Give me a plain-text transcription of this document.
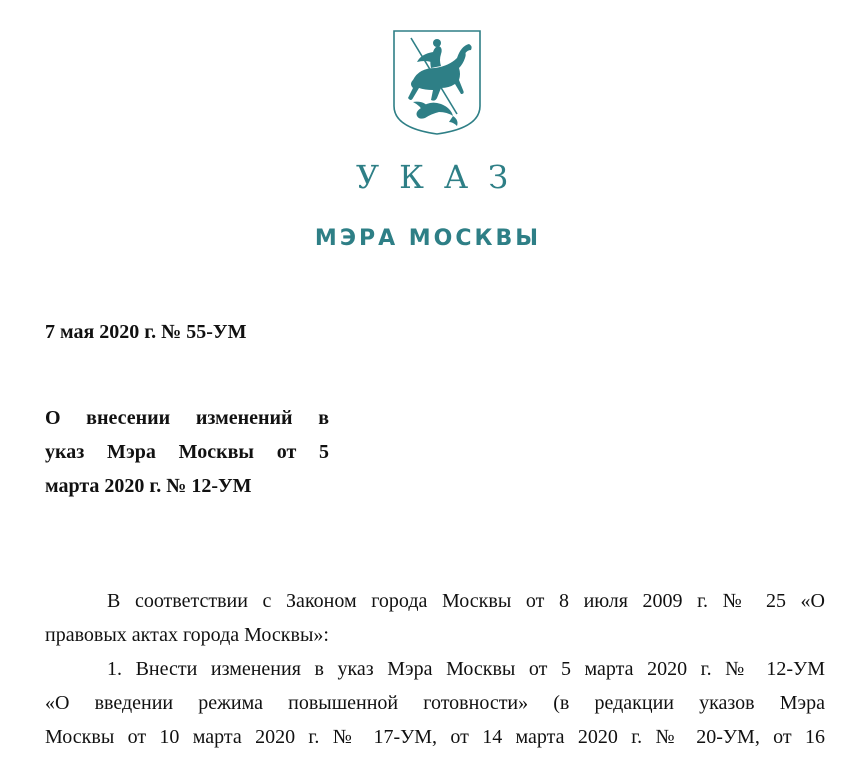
УКАЗ
МЭРА МОСКВЫ
7 мая 2020 г. № 55-УМ
О внесении изменений в
указ Мэра Москвы от 5
марта 2020 г. № 12-УМ
В соответствии с Законом города Москвы от 8 июля 2009 г. № 25 «О
правовых актах города Москвы»:
1. Внести изменения в указ Мэра Москвы от 5 марта 2020 г. № 12-УМ
«О введении режима повышенной готовности» (в редакции указов Мэра
Москвы от 10 марта 2020 г. № 17-УМ, от 14 марта 2020 г. № 20-УМ, от 16
